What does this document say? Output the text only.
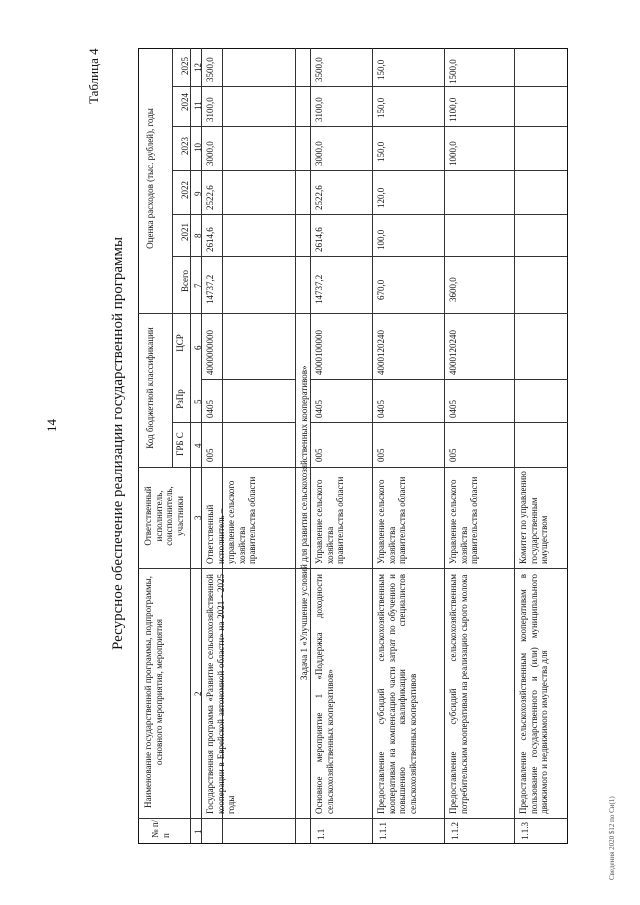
14	Ресурсное обеспечение реализации государственной программы
Таблица 4
Сведения 2020 $12 по Си(1)
№ п/п
Наименование государственной программы, подпрограммы, основного мероприятия, мероприятия
Ответственный исполнитель, соисполнитель, участники
Код бюджетной классификации ГРБ С
РзПр
ЦСР
Оценка расходов (тыс. рублей), годы
Всего
2021
2022
2023
2024
2025
1
2
3
4
5
6
7
8
9
10
11
12
Государственная программа «Развитие сельскохозяйственной кооперации в Еврейской автономной области» на 2021 - 2025 годы
Ответственный исполнитель – управление сельского хозяйства правительства области
005
0405
4000000000
14737,2
2614,6
2522,6
3000,0
3100,0
3500,0
Задача 1 «Улучшение условий для развития сельскохозяйственных кооперативов»
1.1
Основное мероприятие 1 «Поддержка доходности сельскохозяйственных кооперативов»
Управление сельского хозяйства правительства области
005
0405
4000100000
14737,2
2614,6
2522,6
3000,0
3100,0
3500,0
1.1.1
Предоставление субсидий сельскохозяйственным кооперативам на компенсацию части затрат по обучению и повышению квалификации специалистов сельскохозяйственных кооперативов
Управление сельского хозяйства правительства области
005
0405
4000120240
670,0
100,0
120,0
150,0
150,0
150,0
1.1.2
Предоставление субсидий сельскохозяйственным потребительским кооперативам на реализацию сырого молока
Управление сельского хозяйства правительства области
005
0405
4000120240
3600,0
1000,0
1100,0
1500,0
1.1.3
Предоставление сельскохозяйственным кооперативам в пользование государственного и (или) муниципального движимого и недвижимого имущества для
Комитет по управлению государственным имуществом
